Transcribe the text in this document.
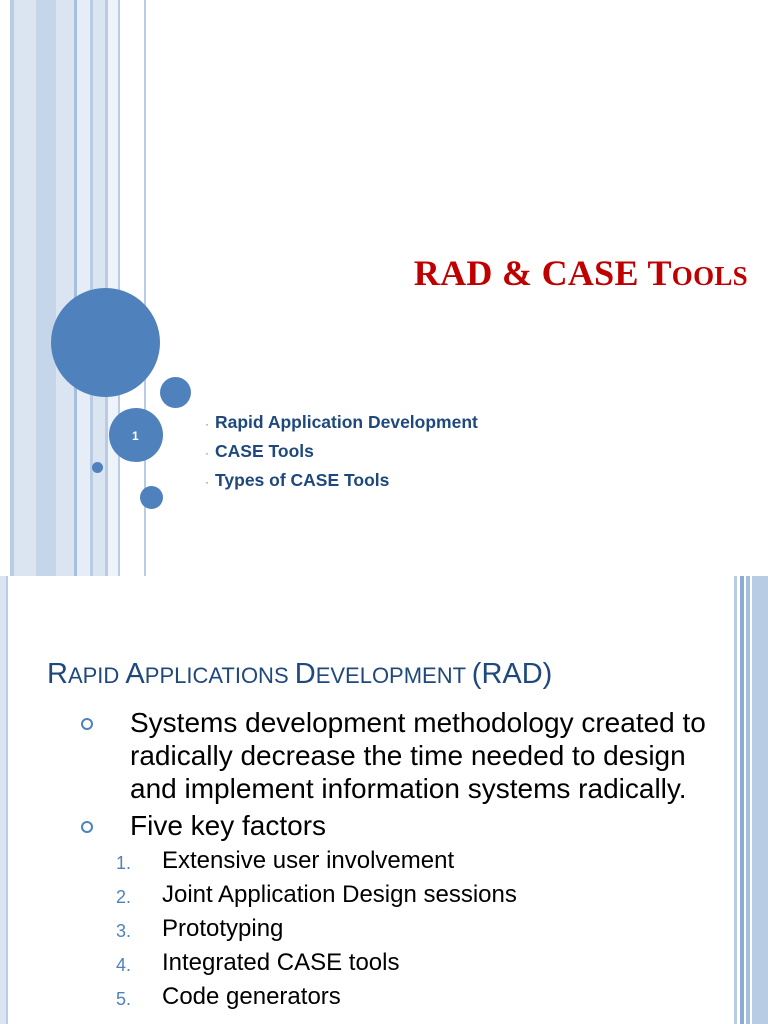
1
RAD & CASE TOOLS
· Rapid Application Development
· CASE Tools
· Types of CASE Tools
RAPID APPLICATIONS DEVELOPMENT (RAD)
Systems development methodology created to radically decrease the time needed to design and implement information systems radically.
Five key factors
1. Extensive user involvement
2. Joint Application Design sessions
3. Prototyping
4. Integrated CASE tools
5. Code generators
